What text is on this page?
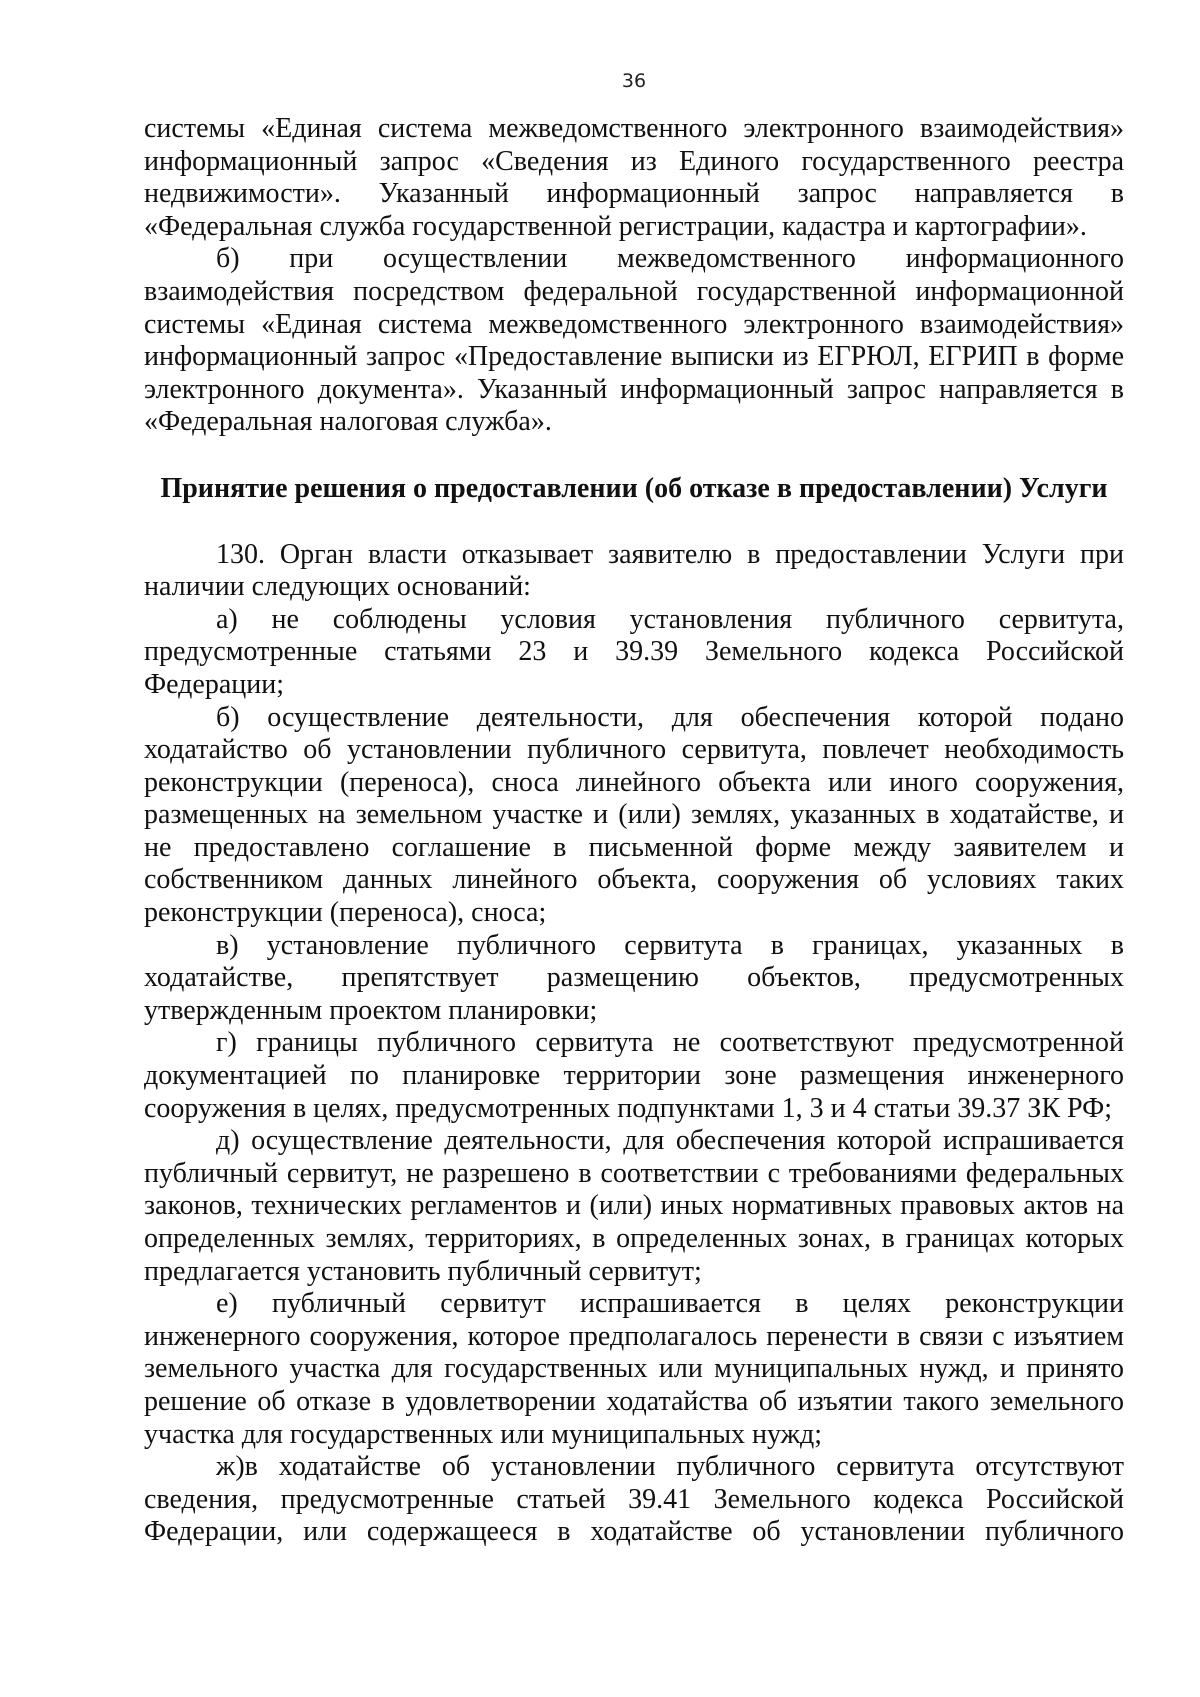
36

системы «Единая система межведомственного электронного взаимодействия» информационный запрос «Сведения из Единого государственного реестра недвижимости». Указанный информационный запрос направляется в «Федеральная служба государственной регистрации, кадастра и картографии».

б) при осуществлении межведомственного информационного взаимодействия посредством федеральной государственной информационной системы «Единая система межведомственного электронного взаимодействия» информационный запрос «Предоставление выписки из ЕГРЮЛ, ЕГРИП в форме электронного документа». Указанный информационный запрос направляется в «Федеральная налоговая служба».

Принятие решения о предоставлении (об отказе в предоставлении) Услуги

130. Орган власти отказывает заявителю в предоставлении Услуги при наличии следующих оснований:

а) не соблюдены условия установления публичного сервитута, предусмотренные статьями 23 и 39.39 Земельного кодекса Российской Федерации;

б) осуществление деятельности, для обеспечения которой подано ходатайство об установлении публичного сервитута, повлечет необходимость реконструкции (переноса), сноса линейного объекта или иного сооружения, размещенных на земельном участке и (или) землях, указанных в ходатайстве, и не предоставлено соглашение в письменной форме между заявителем и собственником данных линейного объекта, сооружения об условиях таких реконструкции (переноса), сноса;

в) установление публичного сервитута в границах, указанных в ходатайстве, препятствует размещению объектов, предусмотренных утвержденным проектом планировки;

г) границы публичного сервитута не соответствуют предусмотренной документацией по планировке территории зоне размещения инженерного сооружения в целях, предусмотренных подпунктами 1, 3 и 4 статьи 39.37 ЗК РФ;

д) осуществление деятельности, для обеспечения которой испрашивается публичный сервитут, не разрешено в соответствии с требованиями федеральных законов, технических регламентов и (или) иных нормативных правовых актов на определенных землях, территориях, в определенных зонах, в границах которых предлагается установить публичный сервитут;

е) публичный сервитут испрашивается в целях реконструкции инженерного сооружения, которое предполагалось перенести в связи с изъятием земельного участка для государственных или муниципальных нужд, и принято решение об отказе в удовлетворении ходатайства об изъятии такого земельного участка для государственных или муниципальных нужд;

ж)в ходатайстве об установлении публичного сервитута отсутствуют сведения, предусмотренные статьей 39.41 Земельного кодекса Российской Федерации, или содержащееся в ходатайстве об установлении публичного
